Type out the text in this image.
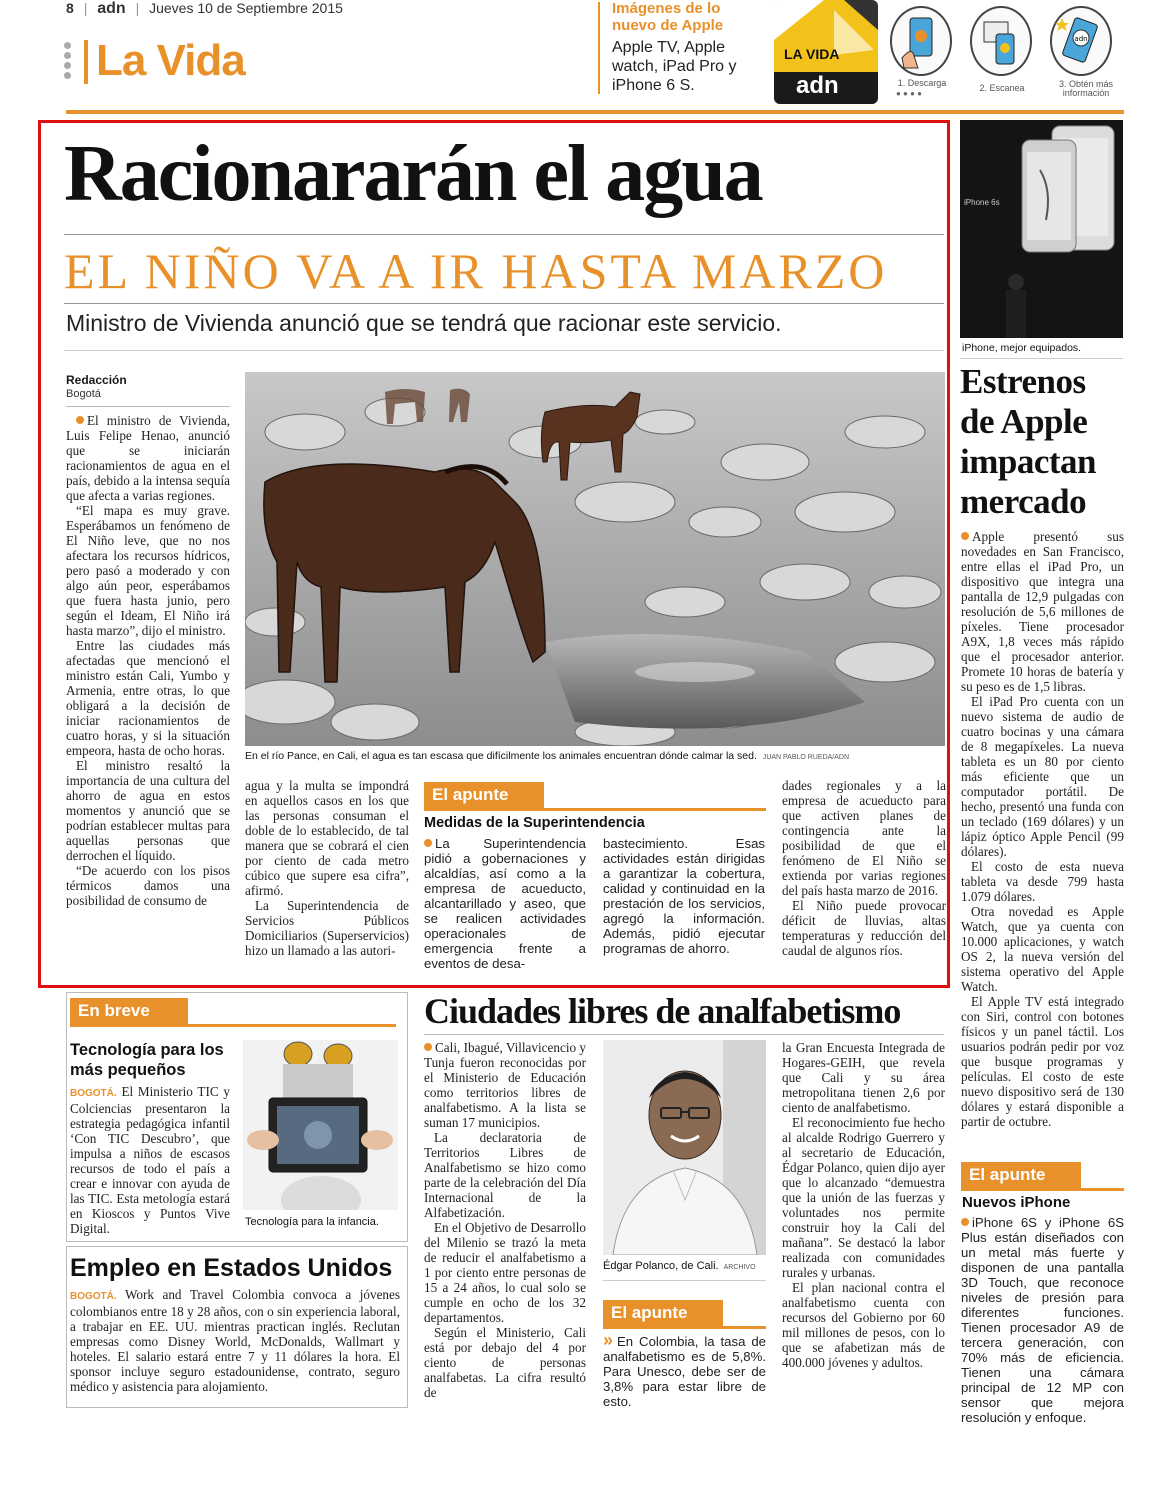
8 | adn | Jueves 10 de Septiembre 2015
La Vida
Imágenes de lo nuevo de Apple
Apple TV, Apple watch, iPad Pro y iPhone 6 S.
LA VIDA
adn
adn
1. Descarga
● ● ● ●
2. Escanea	3. Obtén más información
Racionararán el agua
EL NIÑO VA A IR HASTA MARZO
Ministro de Vivienda anunció que se tendrá que racionar este servicio.
Redacción
Bogotá

El ministro de Vivienda, Luis Felipe Henao, anunció que se iniciarán racionamientos de agua en el país, debido a la intensa sequía que afecta a varias regiones.

“El mapa es muy grave. Esperábamos un fenómeno de El Niño leve, que no nos afectara los recursos hídricos, pero pasó a moderado y con algo aún peor, esperábamos que fuera hasta junio, pero según el Ideam, El Niño irá hasta marzo”, dijo el ministro.

Entre las ciudades más afectadas que mencionó el ministro están Cali, Yumbo y Armenia, entre otras, lo que obligará a la decisión de iniciar racionamientos de cuatro horas, y si la situación empeora, hasta de ocho horas.

El ministro resaltó la importancia de una cultura del ahorro de agua en estos momentos y anunció que se podrían establecer multas para aquellas personas que derrochen el líquido.

“De acuerdo con los pisos térmicos damos una posibilidad de consumo de

En el río Pance, en Cali, el agua es tan escasa que difícilmente los animales encuentran dónde calmar la sed. JUAN PABLO RUEDA/ADN

agua y la multa se impondrá en aquellos casos en los que las personas consuman el doble de lo establecido, de tal manera que se cobrará el cien por ciento de cada metro cúbico que supere esa cifra”, afirmó.

La Superintendencia de Servicios Públicos Domiciliarios (Superservicios) hizo un llamado a las autori-

El apunte
Medidas de la Superintendencia
La Superintendencia pidió a gobernaciones y alcaldías, así como a la empresa de acueducto, alcantarillado y aseo, que se realicen actividades operacionales de emergencia frente a eventos de desa-
bastecimiento. Esas actividades están dirigidas a garantizar la cobertura, calidad y continuidad en la prestación de los servicios, agregó la información. Además, pidió ejecutar programas de ahorro.

dades regionales y a la empresa de acueducto para que activen planes de contingencia ante la posibilidad de que el fenómeno de El Niño se extienda por varias regiones del país hasta marzo de 2016.

El Niño puede provocar déficit de lluvias, altas temperaturas y reducción del caudal de algunos ríos.

iPhone 6s
iPhone, mejor equipados.
Estrenos de Apple impactan mercado

Apple presentó sus novedades en San Francisco, entre ellas el iPad Pro, un dispositivo que integra una pantalla de 12,9 pulgadas con resolución de 5,6 millones de píxeles. Tiene procesador A9X, 1,8 veces más rápido que el procesador anterior. Promete 10 horas de batería y su peso es de 1,5 libras.

El iPad Pro cuenta con un nuevo sistema de audio de cuatro bocinas y una cámara de 8 megapíxeles. La nueva tableta es un 80 por ciento más eficiente que un computador portátil. De hecho, presentó una funda con un teclado (169 dólares) y un lápiz óptico Apple Pencil (99 dólares).

El costo de esta nueva tableta va desde 799 hasta 1.079 dólares.

Otra novedad es Apple Watch, que ya cuenta con 10.000 aplicaciones, y watch OS 2, la nueva versión del sistema operativo del Apple Watch.

El Apple TV está integrado con Siri, control con botones físicos y un panel táctil. Los usuarios podrán pedir por voz que busque programas y películas. El costo de este nuevo dispositivo será de 130 dólares y estará disponible a partir de octubre.

El apunte
Nuevos iPhone
iPhone 6S y iPhone 6S Plus están diseñados con un metal más fuerte y disponen de una pantalla 3D Touch, que reconoce niveles de presión para diferentes funciones. Tienen procesador A9 de tercera generación, con 70% más de eficiencia. Tienen una cámara principal de 12 MP con sensor que mejora resolución y enfoque.
En breve
Tecnología para los más pequeños
BOGOTÁ. El Ministerio TIC y Colciencias presentaron la estrategia pedagógica infantil ‘Con TIC Descubro’, que impulsa a niños de escasos recursos de todo el país a crear e innovar con ayuda de las TIC. Esta metología estará en Kioscos y Puntos Vive Digital.	Tecnología para la infancia.
Empleo en Estados Unidos
BOGOTÁ. Work and Travel Colombia convoca a jóvenes colombianos entre 18 y 28 años, con o sin experiencia laboral, a trabajar en EE. UU. mientras practican inglés. Reclutan empresas como Disney World, McDonalds, Wallmart y hoteles. El salario estará entre 7 y 11 dólares la hora. El sponsor incluye seguro estadounidense, contrato, seguro médico y asistencia para alojamiento.
Ciudades libres de analfabetismo

Cali, Ibagué, Villavicencio y Tunja fueron reconocidas por el Ministerio de Educación como territorios libres de analfabetismo. A la lista se suman 17 municipios.

La declaratoria de Territorios Libres de Analfabetismo se hizo como parte de la celebración del Día Internacional de la Alfabetización.

En el Objetivo de Desarrollo del Milenio se trazó la meta de reducir el analfabetismo a 1 por ciento entre personas de 15 a 24 años, lo cual solo se cumple en ocho de los 32 departamentos.

Según el Ministerio, Cali está por debajo del 4 por ciento de personas analfabetas. La cifra resultó de

Édgar Polanco, de Cali. ARCHIVO
El apunte
» En Colombia, la tasa de analfabetismo es de 5,8%. Para Unesco, debe ser de 3,8% para estar libre de esto.

la Gran Encuesta Integrada de Hogares-GEIH, que revela que Cali y su área metropolitana tienen 2,6 por ciento de analfabetismo.

El reconocimiento fue hecho al alcalde Rodrigo Guerrero y al secretario de Educación, Édgar Polanco, quien dijo ayer que lo alcanzado “demuestra que la unión de las fuerzas y voluntades nos permite construir hoy la Cali del mañana”. Se destacó la labor realizada con comunidades rurales y urbanas.

El plan nacional contra el analfabetismo cuenta con recursos del Gobierno por 60 mil millones de pesos, con lo que se afabetizan más de 400.000 jóvenes y adultos.
